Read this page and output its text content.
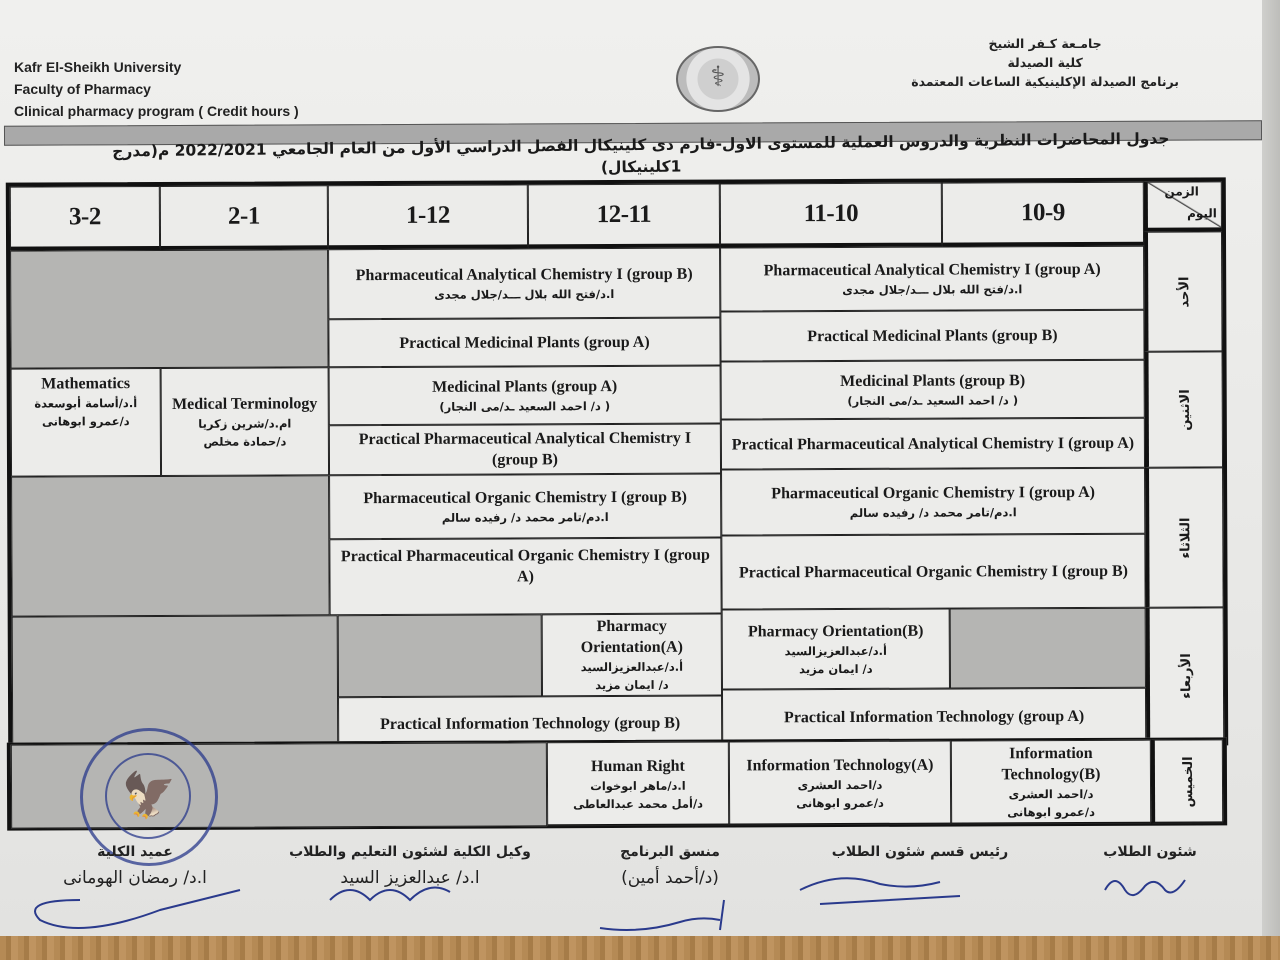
Kafr El-Sheikh University
Faculty of Pharmacy
Clinical pharmacy program ( Credit hours )
⚕
جامـعة كـفر الشيخ
كلية الصيدلة
برنامج الصيدلة الإكلينيكية الساعات المعتمدة
جدول المحاضرات النظرية والدروس العملية للمستوى الاول-فارم دى كلينيكال الفصل الدراسي الأول من العام الجامعي 2022/2021 م(مدرج 1كلينيكال)
الزمن
اليوم
10-9
11-10
12-11
1-12
2-1
3-2
الأحد
الاثنين
الثلاثاء
الأربعاء
Pharmaceutical Analytical Chemistry I (group A)
ا.د/فتح الله بلال ـــد/جلال مجدى
Practical Medicinal Plants (group B)
Pharmaceutical Analytical Chemistry I (group B)
ا.د/فتح الله بلال ـــد/جلال مجدى
Practical Medicinal Plants (group A)
Medicinal Plants (group B)
( د/ احمد السعيد ـد/مى النجار)
Practical Pharmaceutical Analytical Chemistry I (group A)
Medicinal Plants (group A)
( د/ احمد السعيد ـد/مى النجار)
Practical Pharmaceutical Analytical Chemistry I (group B)
Medical Terminology
ام.د/شرين زكريا
د/حمادة مخلص
Mathematics
أ.د/أسامة أبوسعدة
د/عمرو ابوهانى
Pharmaceutical Organic Chemistry I (group A)
ا.دم/تامر محمد د/ رفيده سالم
Practical Pharmaceutical Organic Chemistry I (group B)
Pharmaceutical Organic Chemistry I (group B)
ا.دم/تامر محمد د/ رفيده سالم
Practical Pharmaceutical Organic Chemistry I (group A)
Pharmacy Orientation(B)
أ.د/عبدالعزيزالسيد
د/ ايمان مزيد
Practical Information Technology (group A)
Pharmacy Orientation(A)
أ.د/عبدالعزيزالسيد
د/ ايمان مزيد
Practical Information Technology (group B)
الخميس
Information Technology(B)
د/احمد العشرى
د/عمرو ابوهانى
Information Technology(A)
د/احمد العشرى
د/عمرو ابوهانى
Human Right
ا.د/ماهر ابوخوات
د/أمل محمد عبدالعاطى
🦅
شئون الطلاب
رئيس قسم شئون الطلاب
منسق البرنامج
(د/أحمد أمين)
وكيل الكلية لشئون التعليم والطلاب
ا.د/ عبدالعزيز السيد
عميد الكلية
ا.د/ رمضان الهومانى
